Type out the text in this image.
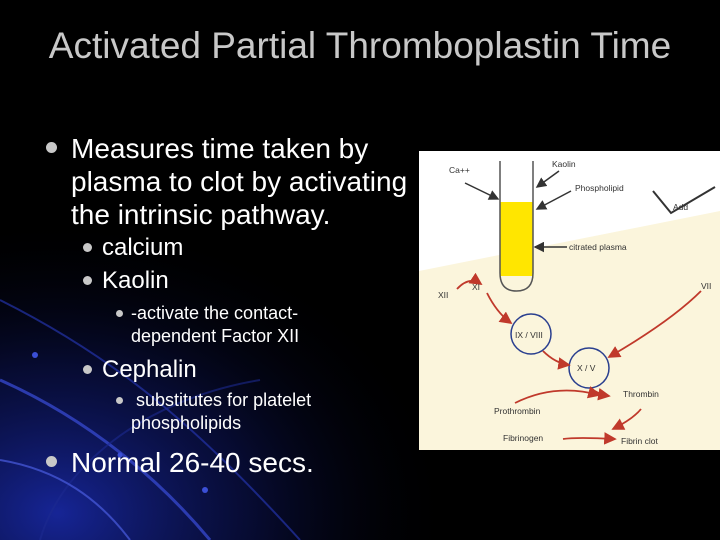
Activated Partial Thromboplastin Time
Measures time taken by plasma to clot by activating the intrinsic pathway.
calcium
Kaolin
-activate the contact-dependent Factor XII
Cephalin
substitutes for platelet phospholipids
Normal 26-40 secs.
Ca++
Kaolin
Phospholipid
Add
citrated plasma
XII
XI	VII
IX / VIII
X / V
Thrombin
Prothrombin
Fibrinogen	Fibrin clot
